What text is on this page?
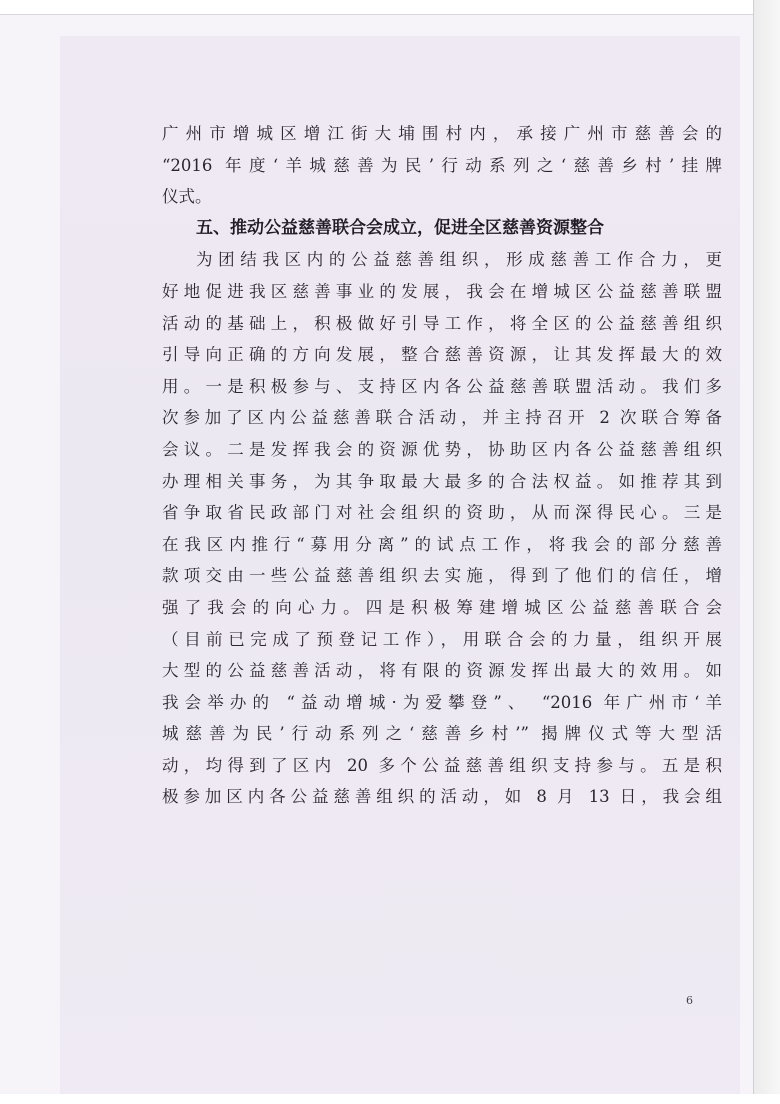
广州市增城区增江街大埔围村内，承接广州市慈善会的
“2016 年度‘羊城慈善为民’行动系列之‘慈善乡村’挂牌
仪式。
五、推动公益慈善联合会成立，促进全区慈善资源整合
为团结我区内的公益慈善组织，形成慈善工作合力，更
好地促进我区慈善事业的发展，我会在增城区公益慈善联盟
活动的基础上，积极做好引导工作，将全区的公益慈善组织
引导向正确的方向发展，整合慈善资源，让其发挥最大的效
用。一是积极参与、支持区内各公益慈善联盟活动。我们多
次参加了区内公益慈善联合活动，并主持召开 2 次联合筹备
会议。二是发挥我会的资源优势，协助区内各公益慈善组织
办理相关事务，为其争取最大最多的合法权益。如推荐其到
省争取省民政部门对社会组织的资助，从而深得民心。三是
在我区内推行“募用分离”的试点工作，将我会的部分慈善
款项交由一些公益慈善组织去实施，得到了他们的信任，增
强了我会的向心力。四是积极筹建增城区公益慈善联合会
（目前已完成了预登记工作），用联合会的力量，组织开展
大型的公益慈善活动，将有限的资源发挥出最大的效用。如
我会举办的 “益动增城·为爱攀登”、 “2016 年广州市‘羊
城慈善为民’行动系列之‘慈善乡村’” 揭牌仪式等大型活
动，均得到了区内 20 多个公益慈善组织支持参与。五是积
极参加区内各公益慈善组织的活动，如 8 月 13 日，我会组
6
